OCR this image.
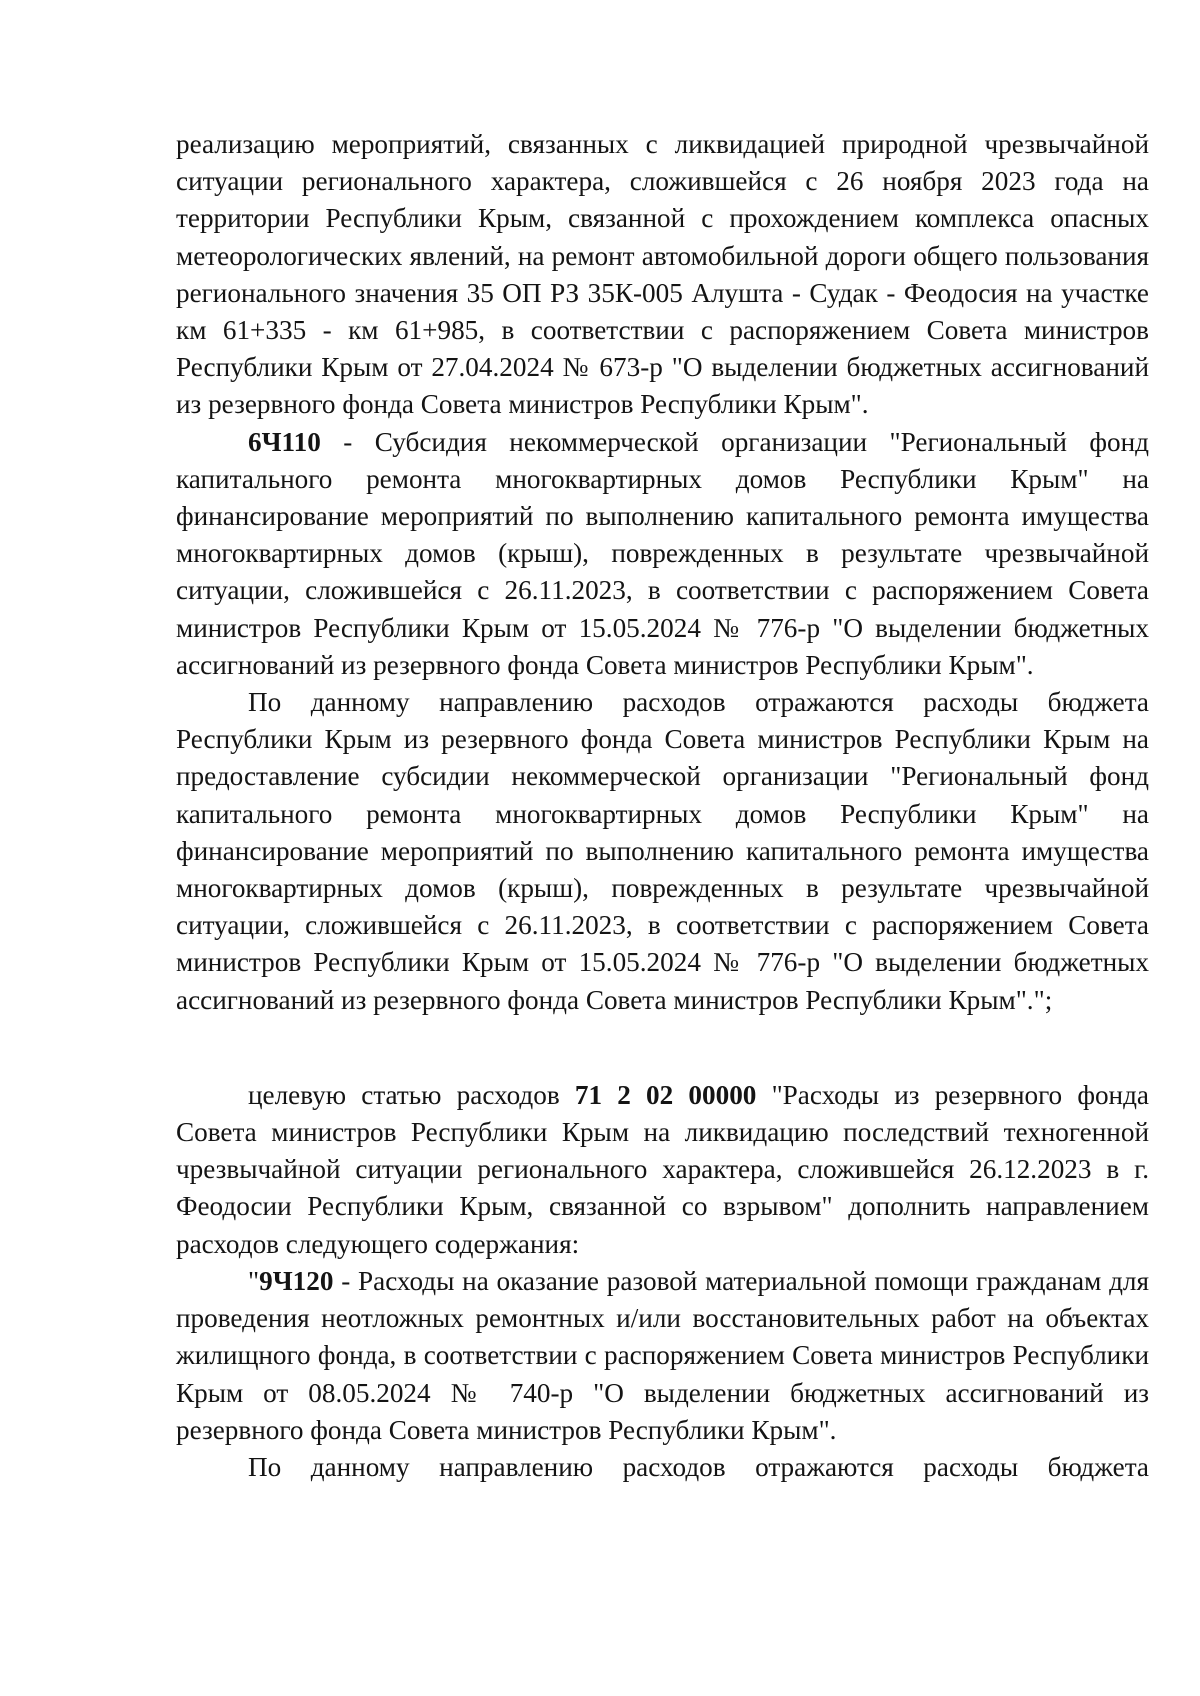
реализацию мероприятий, связанных с ликвидацией природной чрезвычайной ситуации регионального характера, сложившейся с 26 ноября 2023 года на территории Республики Крым, связанной с прохождением комплекса опасных метеорологических явлений, на ремонт автомобильной дороги общего пользования регионального значения 35 ОП РЗ 35К-005 Алушта - Судак - Феодосия на участке км 61+335 - км 61+985, в соответствии с распоряжением Совета министров Республики Крым от 27.04.2024 № 673-р "О выделении бюджетных ассигнований из резервного фонда Совета министров Республики Крым".

6Ч110 - Субсидия некоммерческой организации "Региональный фонд капитального ремонта многоквартирных домов Республики Крым" на финансирование мероприятий по выполнению капитального ремонта имущества многоквартирных домов (крыш), поврежденных в результате чрезвычайной ситуации, сложившейся с 26.11.2023, в соответствии с распоряжением Совета министров Республики Крым от 15.05.2024 № 776-р "О выделении бюджетных ассигнований из резервного фонда Совета министров Республики Крым".

По данному направлению расходов отражаются расходы бюджета Республики Крым из резервного фонда Совета министров Республики Крым на предоставление субсидии некоммерческой организации "Региональный фонд капитального ремонта многоквартирных домов Республики Крым" на финансирование мероприятий по выполнению капитального ремонта имущества многоквартирных домов (крыш), поврежденных в результате чрезвычайной ситуации, сложившейся с 26.11.2023, в соответствии с распоряжением Совета министров Республики Крым от 15.05.2024 № 776-р "О выделении бюджетных ассигнований из резервного фонда Совета министров Республики Крым".";

целевую статью расходов 71 2 02 00000 "Расходы из резервного фонда Совета министров Республики Крым на ликвидацию последствий техногенной чрезвычайной ситуации регионального характера, сложившейся 26.12.2023 в г. Феодосии Республики Крым, связанной со взрывом" дополнить направлением расходов следующего содержания:

"9Ч120 - Расходы на оказание разовой материальной помощи гражданам для проведения неотложных ремонтных и/или восстановительных работ на объектах жилищного фонда, в соответствии с распоряжением Совета министров Республики Крым от 08.05.2024 № 740-р "О выделении бюджетных ассигнований из резервного фонда Совета министров Республики Крым".

По данному направлению расходов отражаются расходы бюджета
